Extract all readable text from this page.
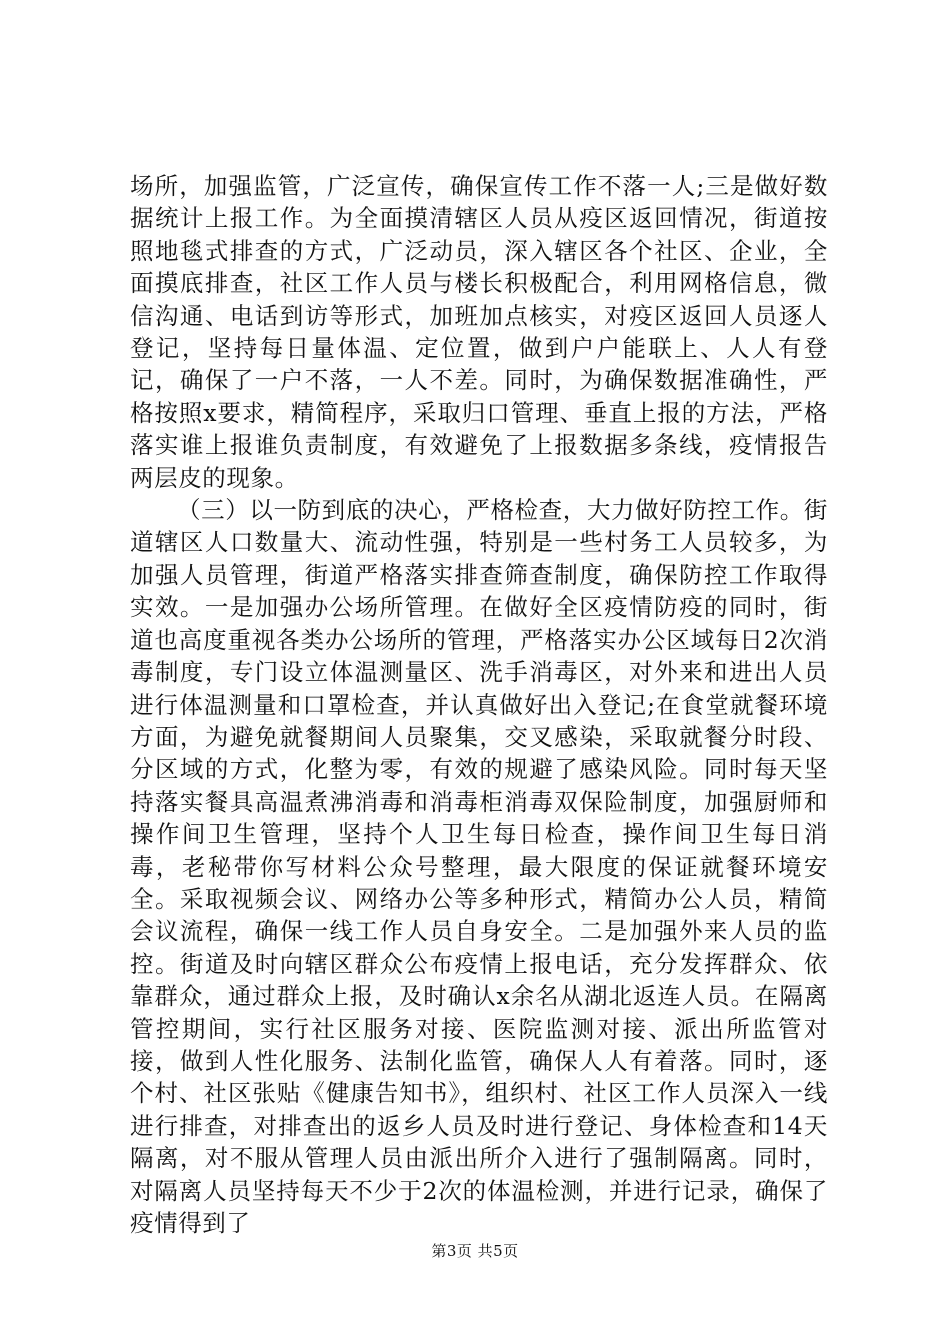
场所，加强监管，广泛宣传，确保宣传工作不落一人;三是做好数据统计上报工作。为全面摸清辖区人员从疫区返回情况，街道按照地毯式排查的方式，广泛动员，深入辖区各个社区、企业，全面摸底排查，社区工作人员与楼长积极配合，利用网格信息，微信沟通、电话到访等形式，加班加点核实，对疫区返回人员逐人登记，坚持每日量体温、定位置，做到户户能联上、人人有登记，确保了一户不落，一人不差。同时，为确保数据准确性，严格按照x要求，精简程序，采取归口管理、垂直上报的方法，严格落实谁上报谁负责制度，有效避免了上报数据多条线，疫情报告两层皮的现象。

（三）以一防到底的决心，严格检查，大力做好防控工作。街道辖区人口数量大、流动性强，特别是一些村务工人员较多，为加强人员管理，街道严格落实排查筛查制度，确保防控工作取得实效。一是加强办公场所管理。在做好全区疫情防疫的同时，街道也高度重视各类办公场所的管理，严格落实办公区域每日2次消毒制度，专门设立体温测量区、洗手消毒区，对外来和进出人员进行体温测量和口罩检查，并认真做好出入登记;在食堂就餐环境方面，为避免就餐期间人员聚集，交叉感染，采取就餐分时段、分区域的方式，化整为零，有效的规避了感染风险。同时每天坚持落实餐具高温煮沸消毒和消毒柜消毒双保险制度，加强厨师和操作间卫生管理，坚持个人卫生每日检查，操作间卫生每日消毒，老秘带你写材料公众号整理，最大限度的保证就餐环境安全。采取视频会议、网络办公等多种形式，精简办公人员，精简会议流程，确保一线工作人员自身安全。二是加强外来人员的监控。街道及时向辖区群众公布疫情上报电话，充分发挥群众、依靠群众，通过群众上报，及时确认x余名从湖北返连人员。在隔离管控期间，实行社区服务对接、医院监测对接、派出所监管对接，做到人性化服务、法制化监管，确保人人有着落。同时，逐个村、社区张贴《健康告知书》，组织村、社区工作人员深入一线进行排查，对排查出的返乡人员及时进行登记、身体检查和14天隔离，对不服从管理人员由派出所介入进行了强制隔离。同时，对隔离人员坚持每天不少于2次的体温检测，并进行记录，确保了疫情得到了

第3页 共5页
